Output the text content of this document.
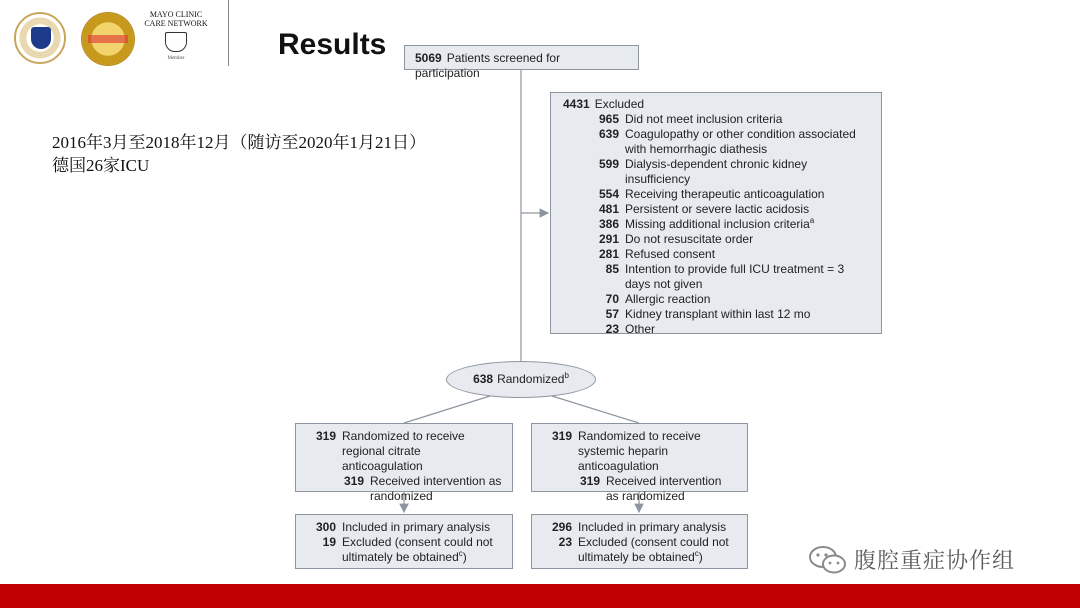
MAYO CLINIC
CARE NETWORK
Member	Results
2016年3月至2018年12月（随访至2020年1月21日）
德国26家ICU
5069 Patients screened for participation
4431 Excluded
965 Did not meet inclusion criteria
639 Coagulopathy or other condition associated with hemorrhagic diathesis
599 Dialysis-dependent chronic kidney insufficiency
554 Receiving therapeutic anticoagulation
481 Persistent or severe lactic acidosis
386 Missing additional inclusion criteria$^a$
291 Do not resuscitate order
281 Refused consent
85 Intention to provide full ICU treatment = 3 days not given
70 Allergic reaction
57 Kidney transplant within last 12 mo
23 Other
638 Randomized$^b$
319 Randomized to receive regional citrate anticoagulation
319 Received intervention as randomized
319 Randomized to receive systemic heparin anticoagulation
319 Received intervention as randomized
300 Included in primary analysis
19 Excluded (consent could not ultimately be obtained$^c$)
296 Included in primary analysis
23 Excluded (consent could not ultimately be obtained$^c$)	腹腔重症协作组
